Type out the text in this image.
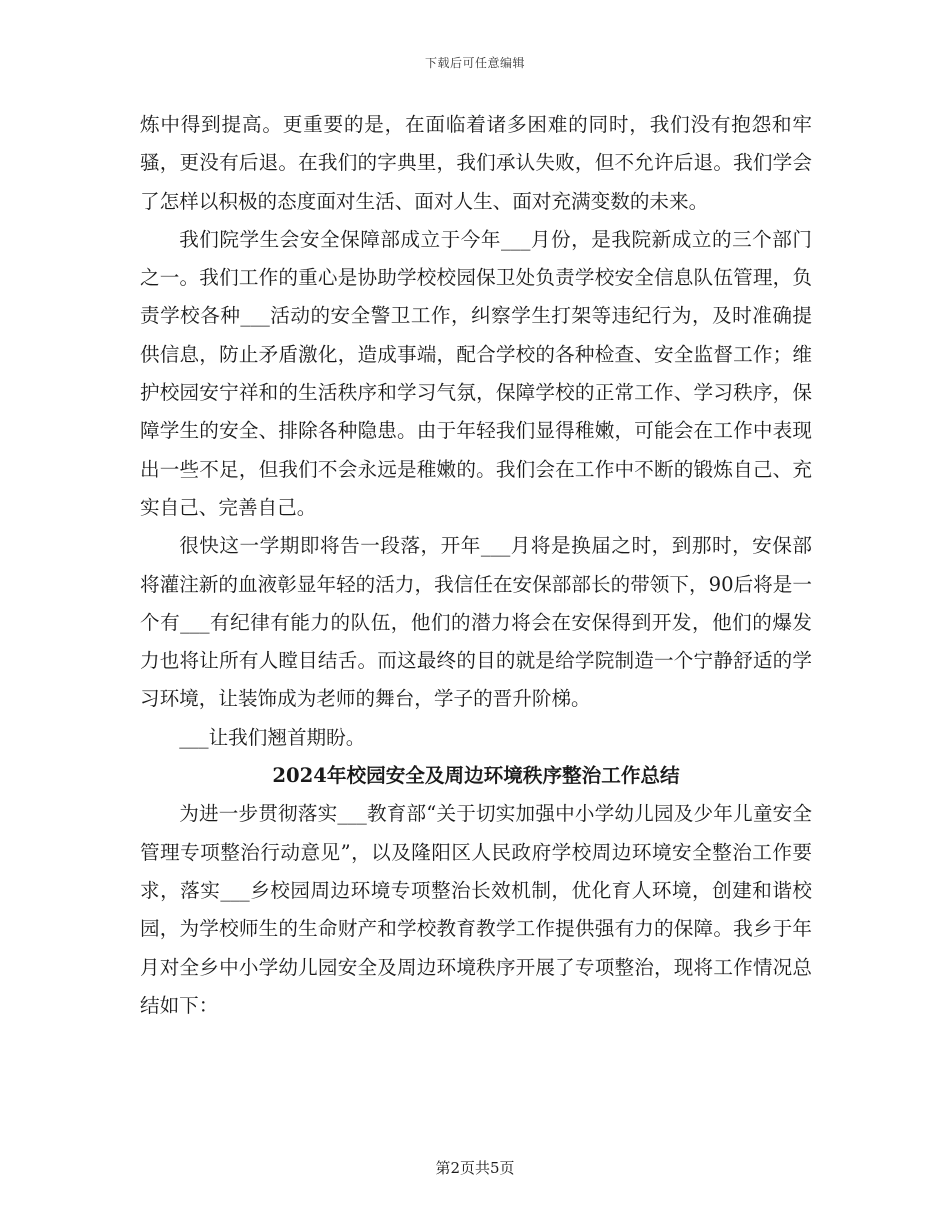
下载后可任意编辑

炼中得到提高。更重要的是，在面临着诸多困难的同时，我们没有抱怨和牢骚，更没有后退。在我们的字典里，我们承认失败，但不允许后退。我们学会了怎样以积极的态度面对生活、面对人生、面对充满变数的未来。

我们院学生会安全保障部成立于今年___月份，是我院新成立的三个部门之一。我们工作的重心是协助学校校园保卫处负责学校安全信息队伍管理，负责学校各种___活动的安全警卫工作，纠察学生打架等违纪行为，及时准确提供信息，防止矛盾激化，造成事端，配合学校的各种检查、安全监督工作；维护校园安宁祥和的生活秩序和学习气氛，保障学校的正常工作、学习秩序，保障学生的安全、排除各种隐患。由于年轻我们显得稚嫩，可能会在工作中表现出一些不足，但我们不会永远是稚嫩的。我们会在工作中不断的锻炼自己、充实自己、完善自己。

很快这一学期即将告一段落，开年___月将是换届之时，到那时，安保部将灌注新的血液彰显年轻的活力，我信任在安保部部长的带领下，90后将是一个有___有纪律有能力的队伍，他们的潜力将会在安保得到开发，他们的爆发力也将让所有人瞠目结舌。而这最终的目的就是给学院制造一个宁静舒适的学习环境，让装饰成为老师的舞台，学子的晋升阶梯。

___让我们翘首期盼。

2024年校园安全及周边环境秩序整治工作总结

为进一步贯彻落实___教育部“关于切实加强中小学幼儿园及少年儿童安全管理专项整治行动意见”，以及隆阳区人民政府学校周边环境安全整治工作要求，落实___乡校园周边环境专项整治长效机制，优化育人环境，创建和谐校园，为学校师生的生命财产和学校教育教学工作提供强有力的保障。我乡于年月对全乡中小学幼儿园安全及周边环境秩序开展了专项整治，现将工作情况总结如下：

第2页共5页
